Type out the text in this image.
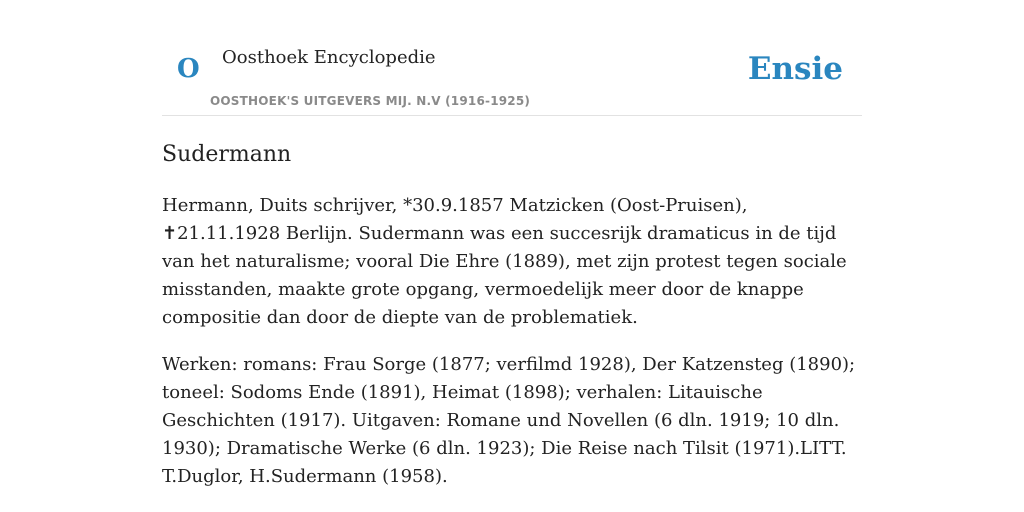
O Oosthoek Encyclopedie
OOSTHOEK'S UITGEVERS MIJ. N.V (1916-1925)
Ensie
Sudermann

Hermann, Duits schrijver, *30.9.1857 Matzicken (Oost-Pruisen), ✝21.11.1928 Berlijn. Sudermann was een succesrijk dramaticus in de tijd van het naturalisme; vooral Die Ehre (1889), met zijn protest tegen sociale misstanden, maakte grote opgang, vermoedelijk meer door de knappe compositie dan door de diepte van de problematiek.

Werken: romans: Frau Sorge (1877; verfilmd 1928), Der Katzensteg (1890); toneel: Sodoms Ende (1891), Heimat (1898); verhalen: Litauische Geschichten (1917). Uitgaven: Romane und Novellen (6 dln. 1919; 10 dln. 1930); Dramatische Werke (6 dln. 1923); Die Reise nach Tilsit (1971).LITT. T.Duglor, H.Sudermann (1958).
